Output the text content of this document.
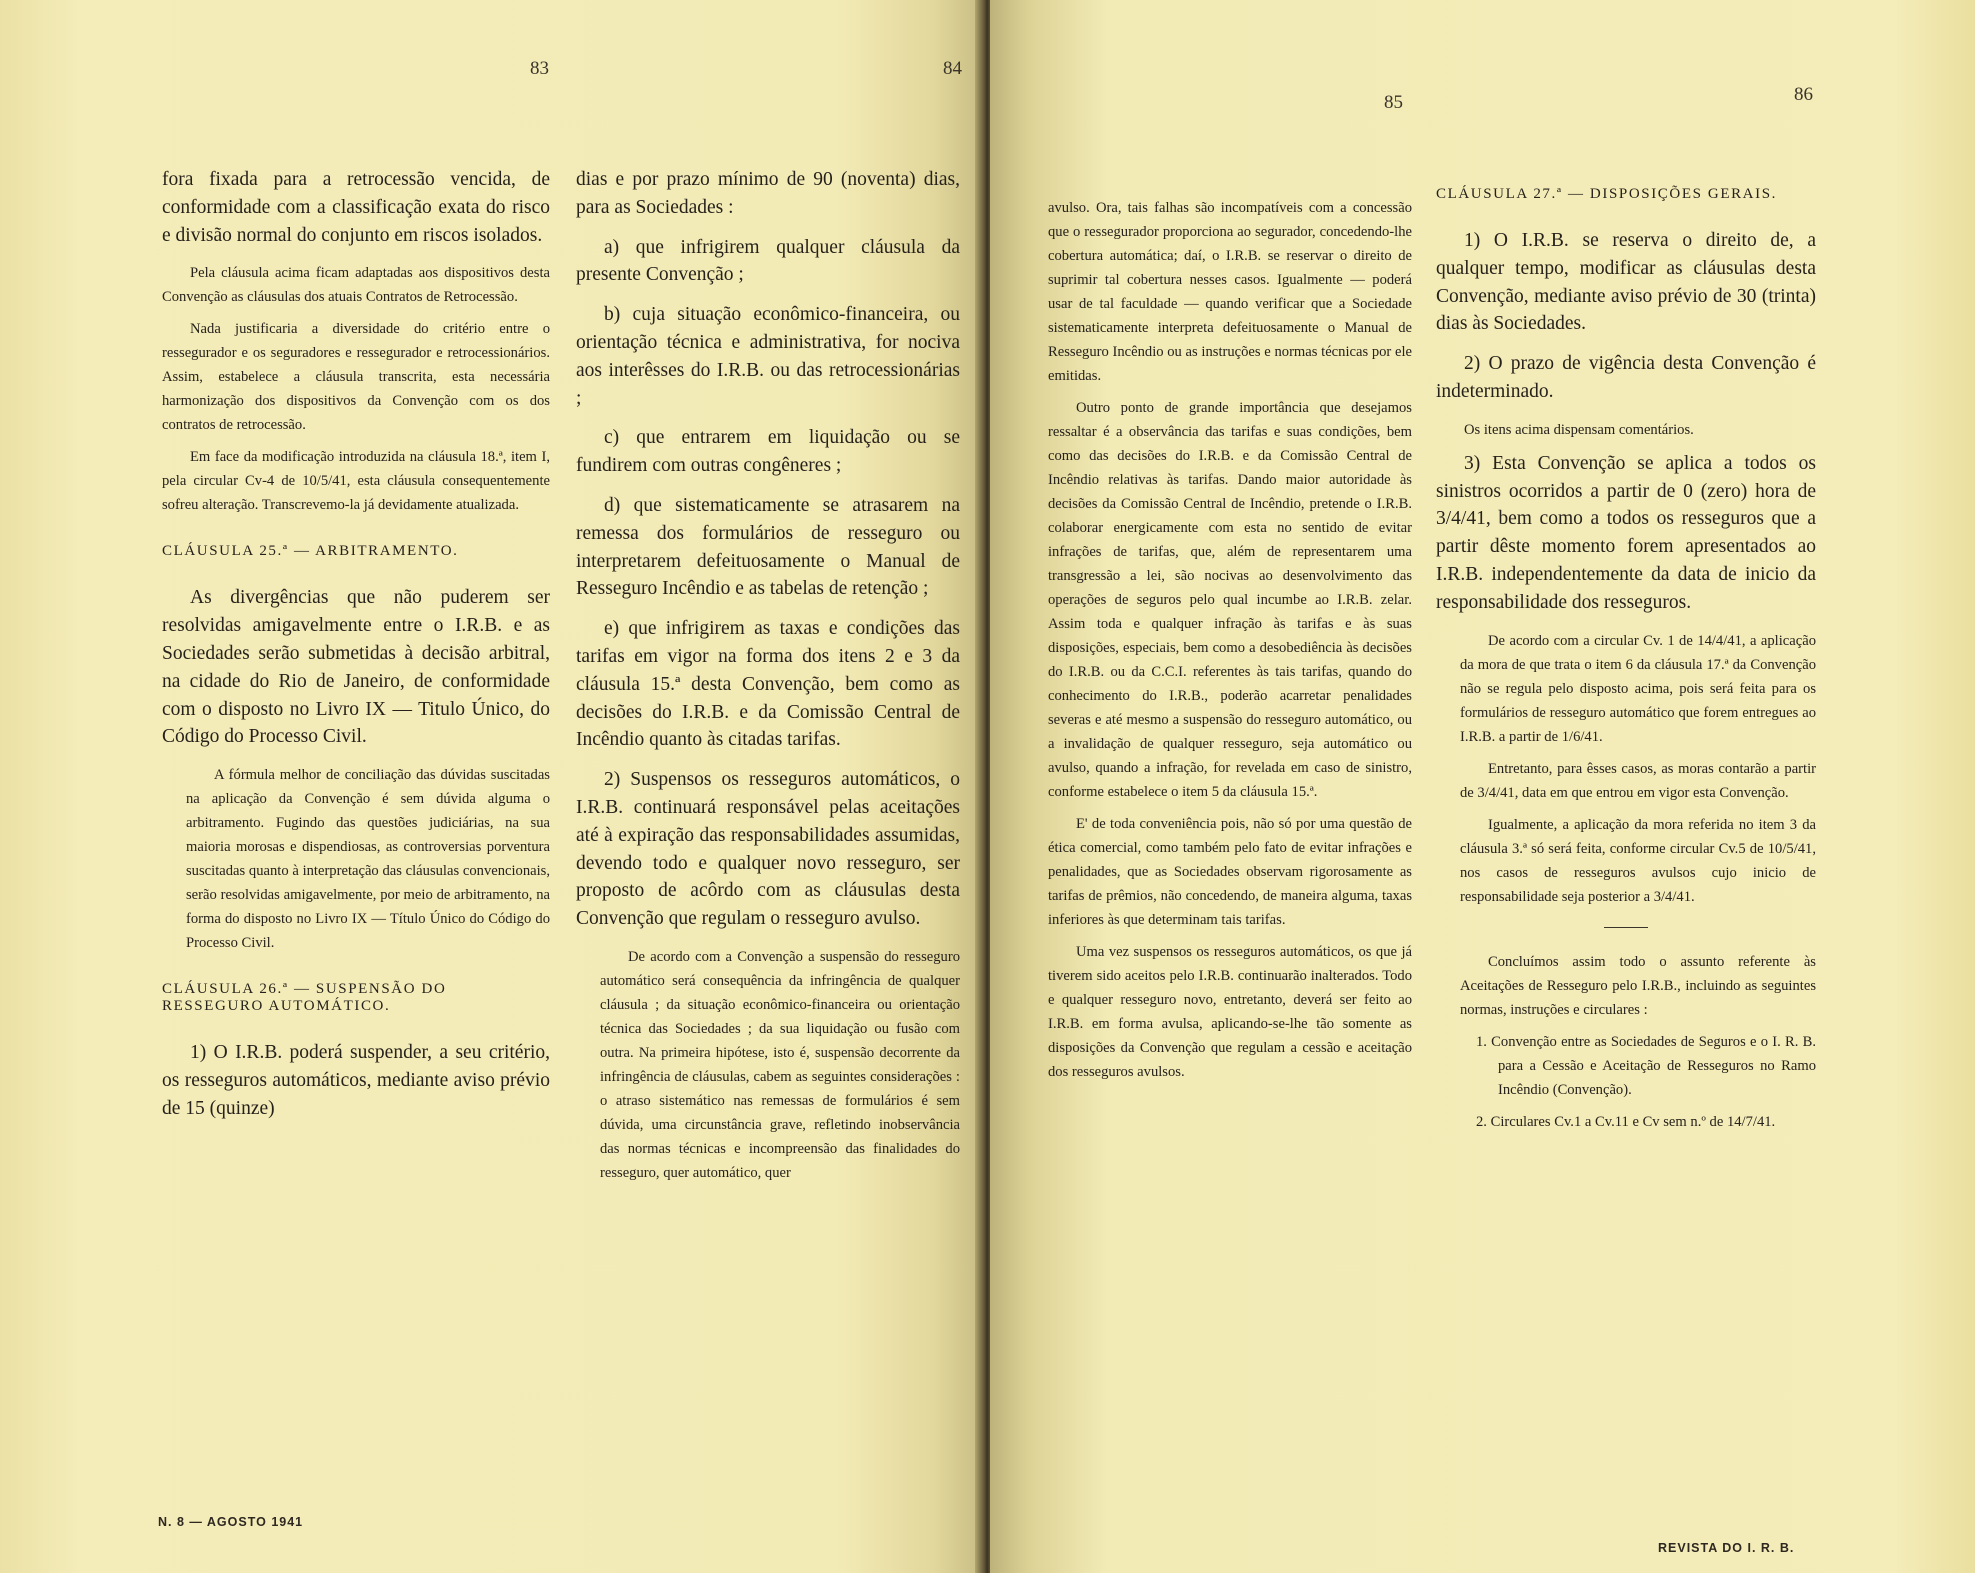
83	84

fora fixada para a retrocessão vencida, de conformidade com a classificação exata do risco e divisão normal do conjunto em riscos isolados.

Pela cláusula acima ficam adaptadas aos dispositivos desta Convenção as cláusulas dos atuais Contratos de Retrocessão.

Nada justificaria a diversidade do critério entre o ressegurador e os seguradores e ressegurador e retrocessionários. Assim, estabelece a cláusula transcrita, esta necessária harmonização dos dispositivos da Convenção com os dos contratos de retrocessão.

Em face da modificação introduzida na cláusula 18.ª, item I, pela circular Cv-4 de 10/5/41, esta cláusula consequentemente sofreu alteração. Transcrevemo-la já devidamente atualizada.

CLÁUSULA 25.ª — ARBITRAMENTO.

As divergências que não puderem ser resolvidas amigavelmente entre o I.R.B. e as Sociedades serão submetidas à decisão arbitral, na cidade do Rio de Janeiro, de conformidade com o disposto no Livro IX — Titulo Único, do Código do Processo Civil.

A fórmula melhor de conciliação das dúvidas suscitadas na aplicação da Convenção é sem dúvida alguma o arbitramento. Fugindo das questões judiciárias, na sua maioria morosas e dispendiosas, as controversias porventura suscitadas quanto à interpretação das cláusulas convencionais, serão resolvidas amigavelmente, por meio de arbitramento, na forma do disposto no Livro IX — Título Único do Código do Processo Civil.

CLÁUSULA 26.ª — SUSPENSÃO DO RESSEGURO AUTOMÁTICO.

1) O I.R.B. poderá suspender, a seu critério, os resseguros automáticos, mediante aviso prévio de 15 (quinze)

dias e por prazo mínimo de 90 (noventa) dias, para as Sociedades :

a) que infrigirem qualquer cláusula da presente Convenção ;

b) cuja situação econômico-financeira, ou orientação técnica e administrativa, for nociva aos interêsses do I.R.B. ou das retrocessionárias ;

c) que entrarem em liquidação ou se fundirem com outras congêneres ;

d) que sistematicamente se atrasarem na remessa dos formulários de resseguro ou interpretarem defeituosamente o Manual de Resseguro Incêndio e as tabelas de retenção ;

e) que infrigirem as taxas e condições das tarifas em vigor na forma dos itens 2 e 3 da cláusula 15.ª desta Convenção, bem como as decisões do I.R.B. e da Comissão Central de Incêndio quanto às citadas tarifas.

2) Suspensos os resseguros automáticos, o I.R.B. continuará responsável pelas aceitações até à expiração das responsabilidades assumidas, devendo todo e qualquer novo resseguro, ser proposto de acôrdo com as cláusulas desta Convenção que regulam o resseguro avulso.

De acordo com a Convenção a suspensão do resseguro automático será consequência da infringência de qualquer cláusula ; da situação econômico-financeira ou orientação técnica das Sociedades ; da sua liquidação ou fusão com outra. Na primeira hipótese, isto é, suspensão decorrente da infringência de cláusulas, cabem as seguintes considerações : o atraso sistemático nas remessas de formulários é sem dúvida, uma circunstância grave, refletindo inobservância das normas técnicas e incompreensão das finalidades do resseguro, quer automático, quer

N. 8 — AGOSTO 1941
85	86

avulso. Ora, tais falhas são incompatíveis com a concessão que o ressegurador proporciona ao segurador, concedendo-lhe cobertura automática; daí, o I.R.B. se reservar o direito de suprimir tal cobertura nesses casos. Igualmente — poderá usar de tal faculdade — quando verificar que a Sociedade sistematicamente interpreta defeituosamente o Manual de Resseguro Incêndio ou as instruções e normas técnicas por ele emitidas.

Outro ponto de grande importância que desejamos ressaltar é a observância das tarifas e suas condições, bem como das decisões do I.R.B. e da Comissão Central de Incêndio relativas às tarifas. Dando maior autoridade às decisões da Comissão Central de Incêndio, pretende o I.R.B. colaborar energicamente com esta no sentido de evitar infrações de tarifas, que, além de representarem uma transgressão a lei, são nocivas ao desenvolvimento das operações de seguros pelo qual incumbe ao I.R.B. zelar. Assim toda e qualquer infração às tarifas e às suas disposições, especiais, bem como a desobediência às decisões do I.R.B. ou da C.C.I. referentes às tais tarifas, quando do conhecimento do I.R.B., poderão acarretar penalidades severas e até mesmo a suspensão do resseguro automático, ou a invalidação de qualquer resseguro, seja automático ou avulso, quando a infração, for revelada em caso de sinistro, conforme estabelece o item 5 da cláusula 15.ª.

E' de toda conveniência pois, não só por uma questão de ética comercial, como também pelo fato de evitar infrações e penalidades, que as Sociedades observam rigorosamente as tarifas de prêmios, não concedendo, de maneira alguma, taxas inferiores às que determinam tais tarifas.

Uma vez suspensos os resseguros automáticos, os que já tiverem sido aceitos pelo I.R.B. continuarão inalterados. Todo e qualquer resseguro novo, entretanto, deverá ser feito ao I.R.B. em forma avulsa, aplicando-se-lhe tão somente as disposições da Convenção que regulam a cessão e aceitação dos resseguros avulsos.

CLÁUSULA 27.ª — DISPOSIÇÕES GERAIS.

1) O I.R.B. se reserva o direito de, a qualquer tempo, modificar as cláusulas desta Convenção, mediante aviso prévio de 30 (trinta) dias às Sociedades.

2) O prazo de vigência desta Convenção é indeterminado.

Os itens acima dispensam comentários.

3) Esta Convenção se aplica a todos os sinistros ocorridos a partir de 0 (zero) hora de 3/4/41, bem como a todos os resseguros que a partir dêste momento forem apresentados ao I.R.B. independentemente da data de inicio da responsabilidade dos resseguros.

De acordo com a circular Cv. 1 de 14/4/41, a aplicação da mora de que trata o item 6 da cláusula 17.ª da Convenção não se regula pelo disposto acima, pois será feita para os formulários de resseguro automático que forem entregues ao I.R.B. a partir de 1/6/41.

Entretanto, para êsses casos, as moras contarão a partir de 3/4/41, data em que entrou em vigor esta Convenção.

Igualmente, a aplicação da mora referida no item 3 da cláusula 3.ª só será feita, conforme circular Cv.5 de 10/5/41, nos casos de resseguros avulsos cujo inicio de responsabilidade seja posterior a 3/4/41.

Concluímos assim todo o assunto referente às Aceitações de Resseguro pelo I.R.B., incluindo as seguintes normas, instruções e circulares :

1. Convenção entre as Sociedades de Seguros e o I. R. B. para a Cessão e Aceitação de Resseguros no Ramo Incêndio (Convenção).

2. Circulares Cv.1 a Cv.11 e Cv sem n.º de 14/7/41.

REVISTA DO I. R. B.
